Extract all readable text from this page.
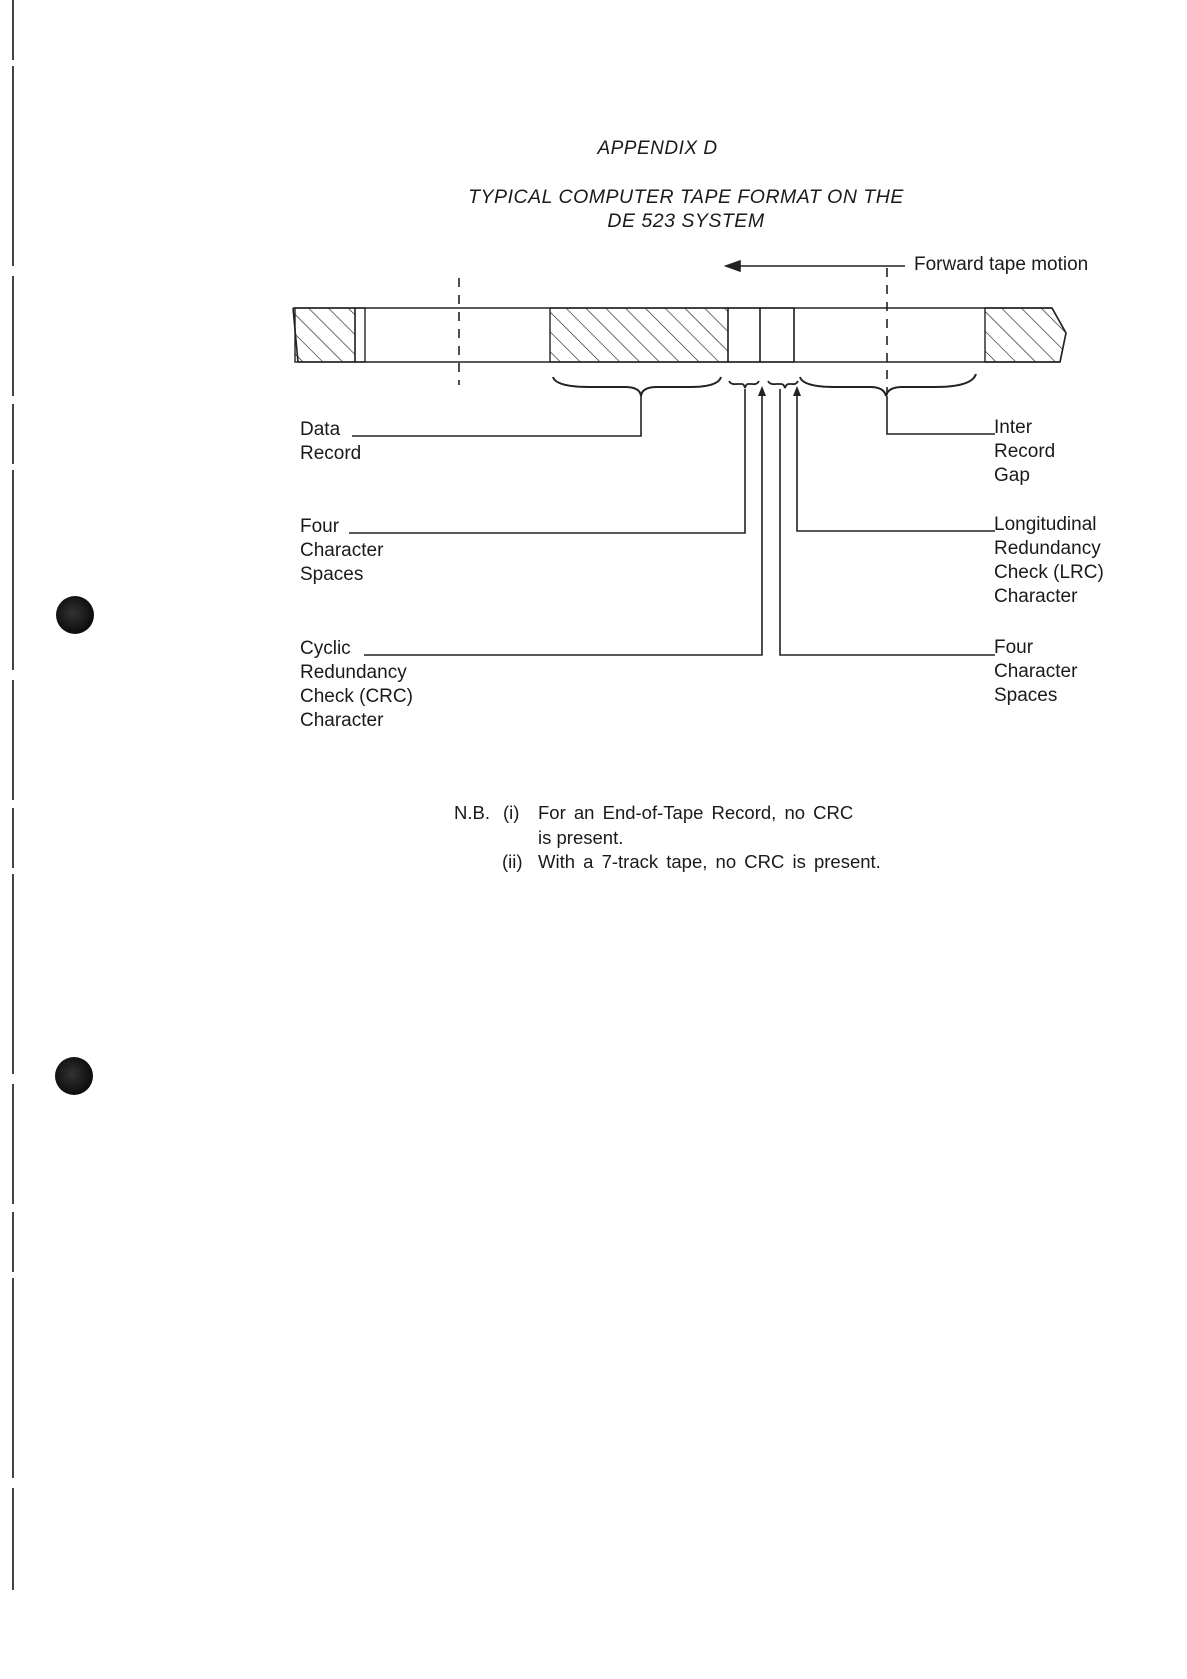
APPENDIX D
TYPICAL COMPUTER TAPE FORMAT ON THE
DE 523 SYSTEM
Forward tape motion
Data
Record
Four
Character
Spaces
Cyclic
Redundancy
Check (CRC)
Character
Inter
Record
Gap
Longitudinal
Redundancy
Check (LRC)
Character
Four
Character
Spaces
N.B. (i) For an End-of-Tape Record, no CRC
is present.
(ii) With a 7-track tape, no CRC is present.
